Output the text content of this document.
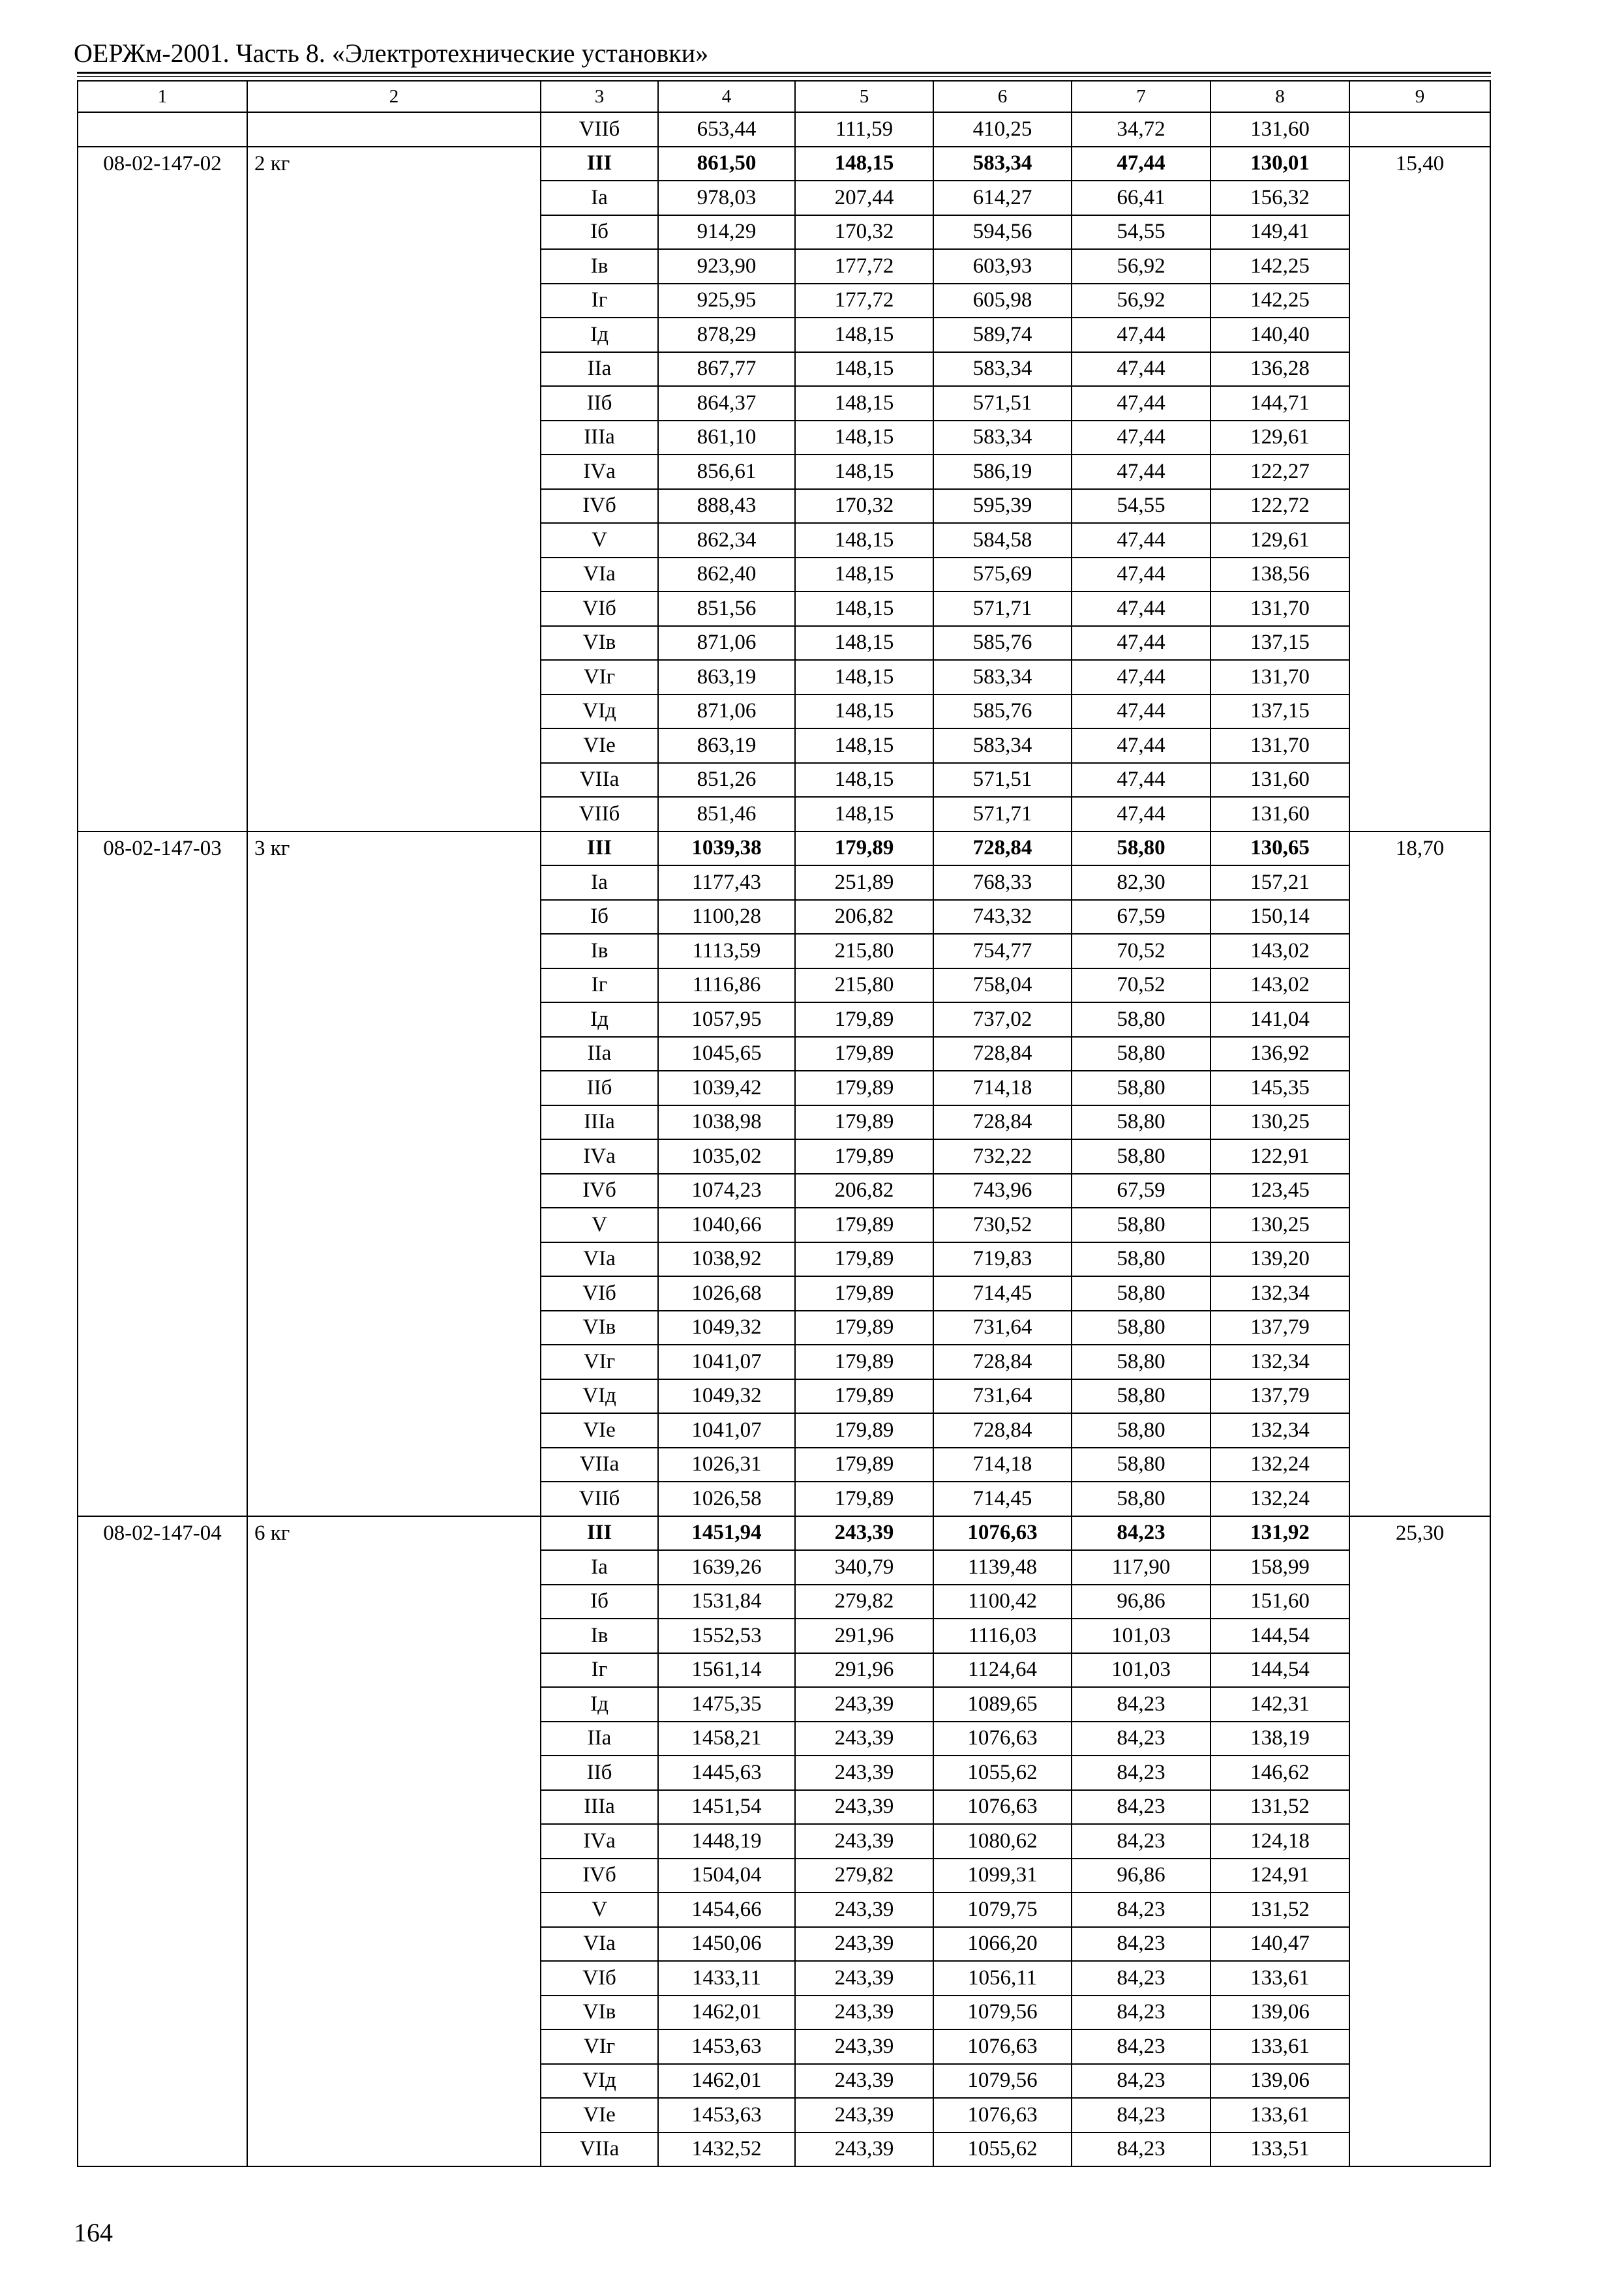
ОЕРЖм-2001. Часть 8. «Электротехнические установки»
1	2	3	4	5	6	7	8	9
		VIIб	653,44	111,59	410,25	34,72	131,60	
08-02-147-02	2 кг	III	861,50	148,15	583,34	47,44	130,01	15,40
		Iа	978,03	207,44	614,27	66,41	156,32	
		Iб	914,29	170,32	594,56	54,55	149,41	
		Iв	923,90	177,72	603,93	56,92	142,25	
		Iг	925,95	177,72	605,98	56,92	142,25	
		Iд	878,29	148,15	589,74	47,44	140,40	
		IIа	867,77	148,15	583,34	47,44	136,28	
		IIб	864,37	148,15	571,51	47,44	144,71	
		IIIа	861,10	148,15	583,34	47,44	129,61	
		IVа	856,61	148,15	586,19	47,44	122,27	
		IVб	888,43	170,32	595,39	54,55	122,72	
		V	862,34	148,15	584,58	47,44	129,61	
		VIа	862,40	148,15	575,69	47,44	138,56	
		VIб	851,56	148,15	571,71	47,44	131,70	
		VIв	871,06	148,15	585,76	47,44	137,15	
		VIг	863,19	148,15	583,34	47,44	131,70	
		VIд	871,06	148,15	585,76	47,44	137,15	
		VIе	863,19	148,15	583,34	47,44	131,70	
		VIIа	851,26	148,15	571,51	47,44	131,60	
		VIIб	851,46	148,15	571,71	47,44	131,60	
08-02-147-03	3 кг	III	1039,38	179,89	728,84	58,80	130,65	18,70
		Iа	1177,43	251,89	768,33	82,30	157,21	
		Iб	1100,28	206,82	743,32	67,59	150,14	
		Iв	1113,59	215,80	754,77	70,52	143,02	
		Iг	1116,86	215,80	758,04	70,52	143,02	
		Iд	1057,95	179,89	737,02	58,80	141,04	
		IIа	1045,65	179,89	728,84	58,80	136,92	
		IIб	1039,42	179,89	714,18	58,80	145,35	
		IIIа	1038,98	179,89	728,84	58,80	130,25	
		IVа	1035,02	179,89	732,22	58,80	122,91	
		IVб	1074,23	206,82	743,96	67,59	123,45	
		V	1040,66	179,89	730,52	58,80	130,25	
		VIа	1038,92	179,89	719,83	58,80	139,20	
		VIб	1026,68	179,89	714,45	58,80	132,34	
		VIв	1049,32	179,89	731,64	58,80	137,79	
		VIг	1041,07	179,89	728,84	58,80	132,34	
		VIд	1049,32	179,89	731,64	58,80	137,79	
		VIе	1041,07	179,89	728,84	58,80	132,34	
		VIIа	1026,31	179,89	714,18	58,80	132,24	
		VIIб	1026,58	179,89	714,45	58,80	132,24	
08-02-147-04	6 кг	III	1451,94	243,39	1076,63	84,23	131,92	25,30
		Iа	1639,26	340,79	1139,48	117,90	158,99	
		Iб	1531,84	279,82	1100,42	96,86	151,60	
		Iв	1552,53	291,96	1116,03	101,03	144,54	
		Iг	1561,14	291,96	1124,64	101,03	144,54	
		Iд	1475,35	243,39	1089,65	84,23	142,31	
		IIа	1458,21	243,39	1076,63	84,23	138,19	
		IIб	1445,63	243,39	1055,62	84,23	146,62	
		IIIа	1451,54	243,39	1076,63	84,23	131,52	
		IVа	1448,19	243,39	1080,62	84,23	124,18	
		IVб	1504,04	279,82	1099,31	96,86	124,91	
		V	1454,66	243,39	1079,75	84,23	131,52	
		VIа	1450,06	243,39	1066,20	84,23	140,47	
		VIб	1433,11	243,39	1056,11	84,23	133,61	
		VIв	1462,01	243,39	1079,56	84,23	139,06	
		VIг	1453,63	243,39	1076,63	84,23	133,61	
		VIд	1462,01	243,39	1079,56	84,23	139,06	
		VIе	1453,63	243,39	1076,63	84,23	133,61	
		VIIа	1432,52	243,39	1055,62	84,23	133,51	
164
